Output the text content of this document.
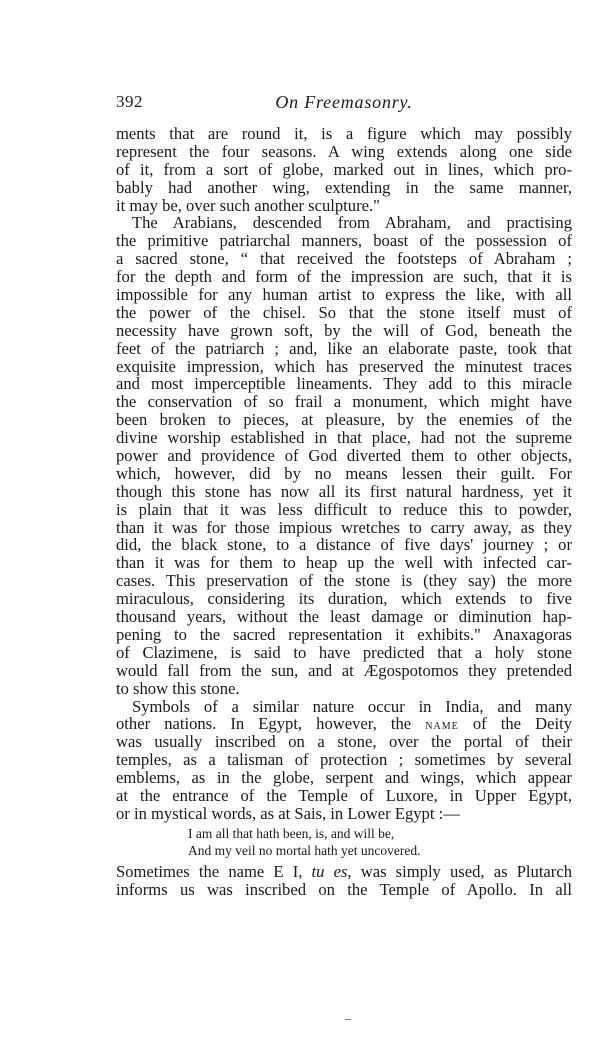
392	On Freemasonry.
ments that are round it, is a figure which may possibly
represent the four seasons. A wing extends along one side
of it, from a sort of globe, marked out in lines, which pro-
bably had another wing, extending in the same manner,
it may be, over such another sculpture."
The Arabians, descended from Abraham, and practising
the primitive patriarchal manners, boast of the possession of
a sacred stone, “ that received the footsteps of Abraham ;
for the depth and form of the impression are such, that it is
impossible for any human artist to express the like, with all
the power of the chisel. So that the stone itself must of
necessity have grown soft, by the will of God, beneath the
feet of the patriarch ; and, like an elaborate paste, took that
exquisite impression, which has preserved the minutest traces
and most imperceptible lineaments. They add to this miracle
the conservation of so frail a monument, which might have
been broken to pieces, at pleasure, by the enemies of the
divine worship established in that place, had not the supreme
power and providence of God diverted them to other objects,
which, however, did by no means lessen their guilt. For
though this stone has now all its first natural hardness, yet it
is plain that it was less difficult to reduce this to powder,
than it was for those impious wretches to carry away, as they
did, the black stone, to a distance of five days' journey ; or
than it was for them to heap up the well with infected car-
cases. This preservation of the stone is (they say) the more
miraculous, considering its duration, which extends to five
thousand years, without the least damage or diminution hap-
pening to the sacred representation it exhibits." Anaxagoras
of Clazimene, is said to have predicted that a holy stone
would fall from the sun, and at Ægospotomos they pretended
to show this stone.
Symbols of a similar nature occur in India, and many
other nations. In Egypt, however, the name of the Deity
was usually inscribed on a stone, over the portal of their
temples, as a talisman of protection ; sometimes by several
emblems, as in the globe, serpent and wings, which appear
at the entrance of the Temple of Luxore, in Upper Egypt,
or in mystical words, as at Sais, in Lower Egypt :—
I am all that hath been, is, and will be,
And my veil no mortal hath yet uncovered.
Sometimes the name E I, tu es, was simply used, as Plutarch
informs us was inscribed on the Temple of Apollo. In all
